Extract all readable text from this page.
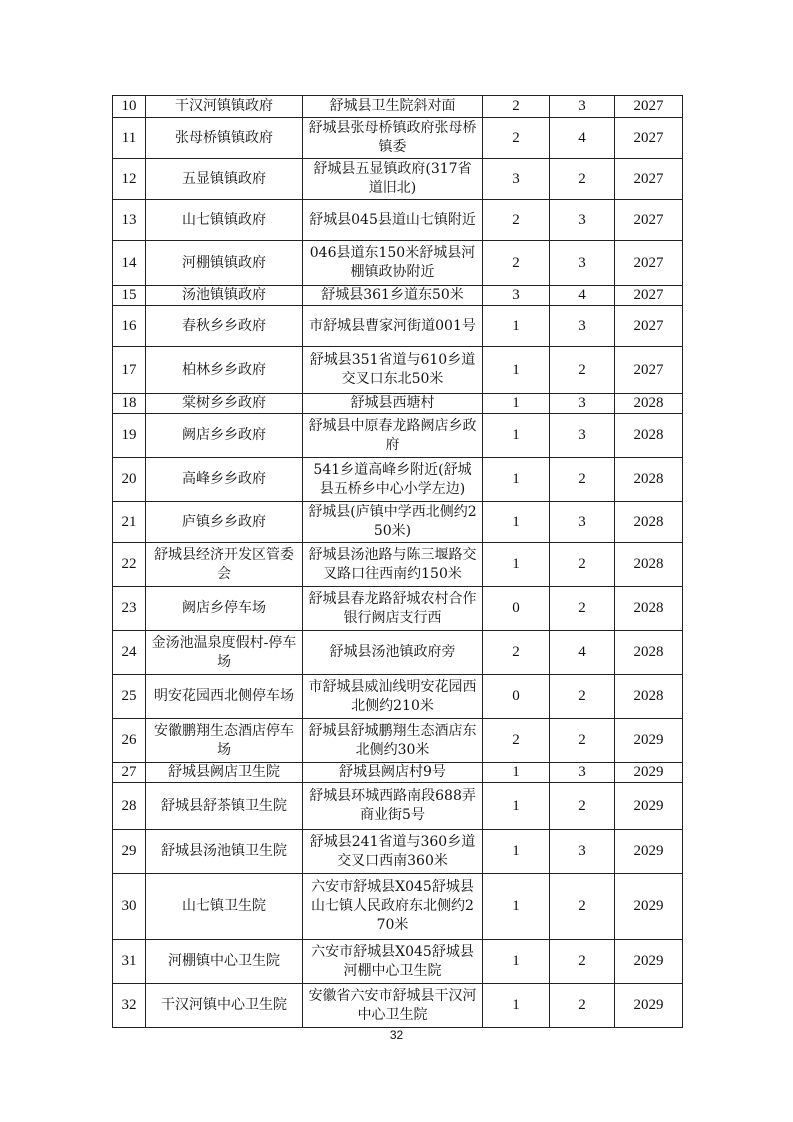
10	干汉河镇镇政府	舒城县卫生院斜对面	2	3	2027
11	张母桥镇镇政府	舒城县张母桥镇政府张母桥镇委	2	4	2027
12	五显镇镇政府	舒城县五显镇政府(317省道旧北)	3	2	2027
13	山七镇镇政府	舒城县045县道山七镇附近	2	3	2027
14	河棚镇镇政府	046县道东150米舒城县河棚镇政协附近	2	3	2027
15	汤池镇镇政府	舒城县361乡道东50米	3	4	2027
16	春秋乡乡政府	市舒城县曹家河街道001号	1	3	2027
17	柏林乡乡政府	舒城县351省道与610乡道交叉口东北50米	1	2	2027
18	棠树乡乡政府	舒城县西塘村	1	3	2028
19	阙店乡乡政府	舒城县中原春龙路阙店乡政府	1	3	2028
20	高峰乡乡政府	541乡道高峰乡附近(舒城县五桥乡中心小学左边)	1	2	2028
21	庐镇乡乡政府	舒城县(庐镇中学西北侧约250米)	1	3	2028
22	舒城县经济开发区管委会	舒城县汤池路与陈三堰路交叉路口往西南约150米	1	2	2028
23	阙店乡停车场	舒城县春龙路舒城农村合作银行阙店支行西	0	2	2028
24	金汤池温泉度假村-停车场	舒城县汤池镇政府旁	2	4	2028
25	明安花园西北侧停车场	市舒城县威汕线明安花园西北侧约210米	0	2	2028
26	安徽鹏翔生态酒店停车场	舒城县舒城鹏翔生态酒店东北侧约30米	2	2	2029
27	舒城县阙店卫生院	舒城县阙店村9号	1	3	2029
28	舒城县舒茶镇卫生院	舒城县环城西路南段688弄商业街5号	1	2	2029
29	舒城县汤池镇卫生院	舒城县241省道与360乡道交叉口西南360米	1	3	2029
30	山七镇卫生院	六安市舒城县X045舒城县山七镇人民政府东北侧约270米	1	2	2029
31	河棚镇中心卫生院	六安市舒城县X045舒城县河棚中心卫生院	1	2	2029
32	干汉河镇中心卫生院	安徽省六安市舒城县干汉河中心卫生院	1	2	2029
32
